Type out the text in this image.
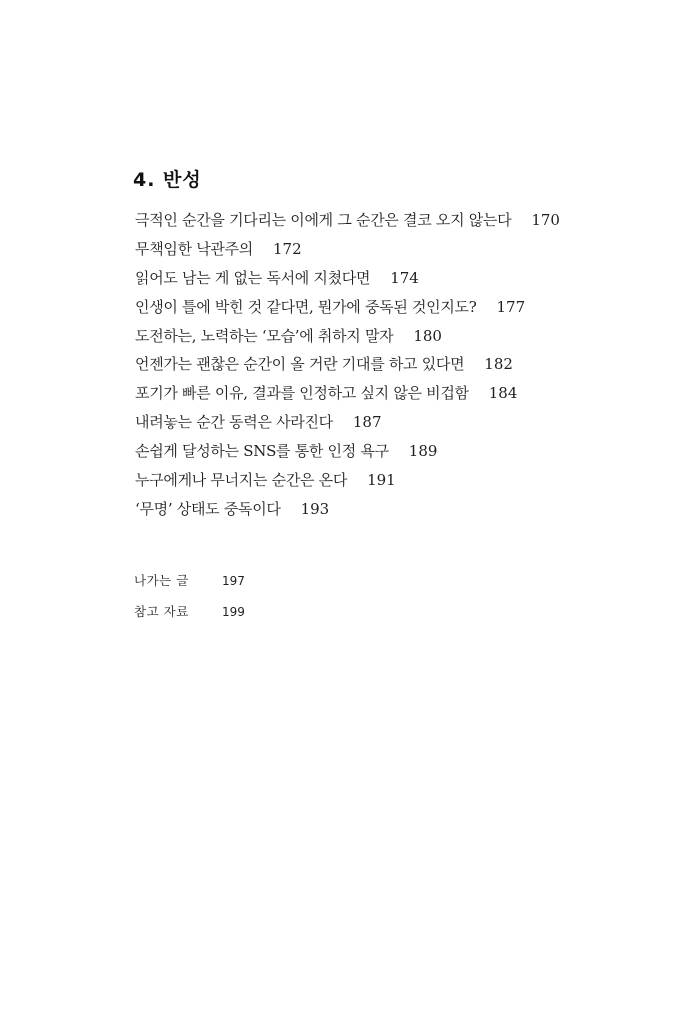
4. 반성
극적인 순간을 기다리는 이에게 그 순간은 결코 오지 않는다 170
무책임한 낙관주의 172
읽어도 남는 게 없는 독서에 지쳤다면 174
인생이 틀에 박힌 것 같다면, 뭔가에 중독된 것인지도? 177
도전하는, 노력하는 ‘모습’에 취하지 말자 180
언젠가는 괜찮은 순간이 올 거란 기대를 하고 있다면 182
포기가 빠른 이유, 결과를 인정하고 싶지 않은 비겁함 184
내려놓는 순간 동력은 사라진다 187
손쉽게 달성하는 SNS를 통한 인정 욕구 189
누구에게나 무너지는 순간은 온다 191
‘무명’ 상태도 중독이다 193
나가는 글	197
참고 자료	199
